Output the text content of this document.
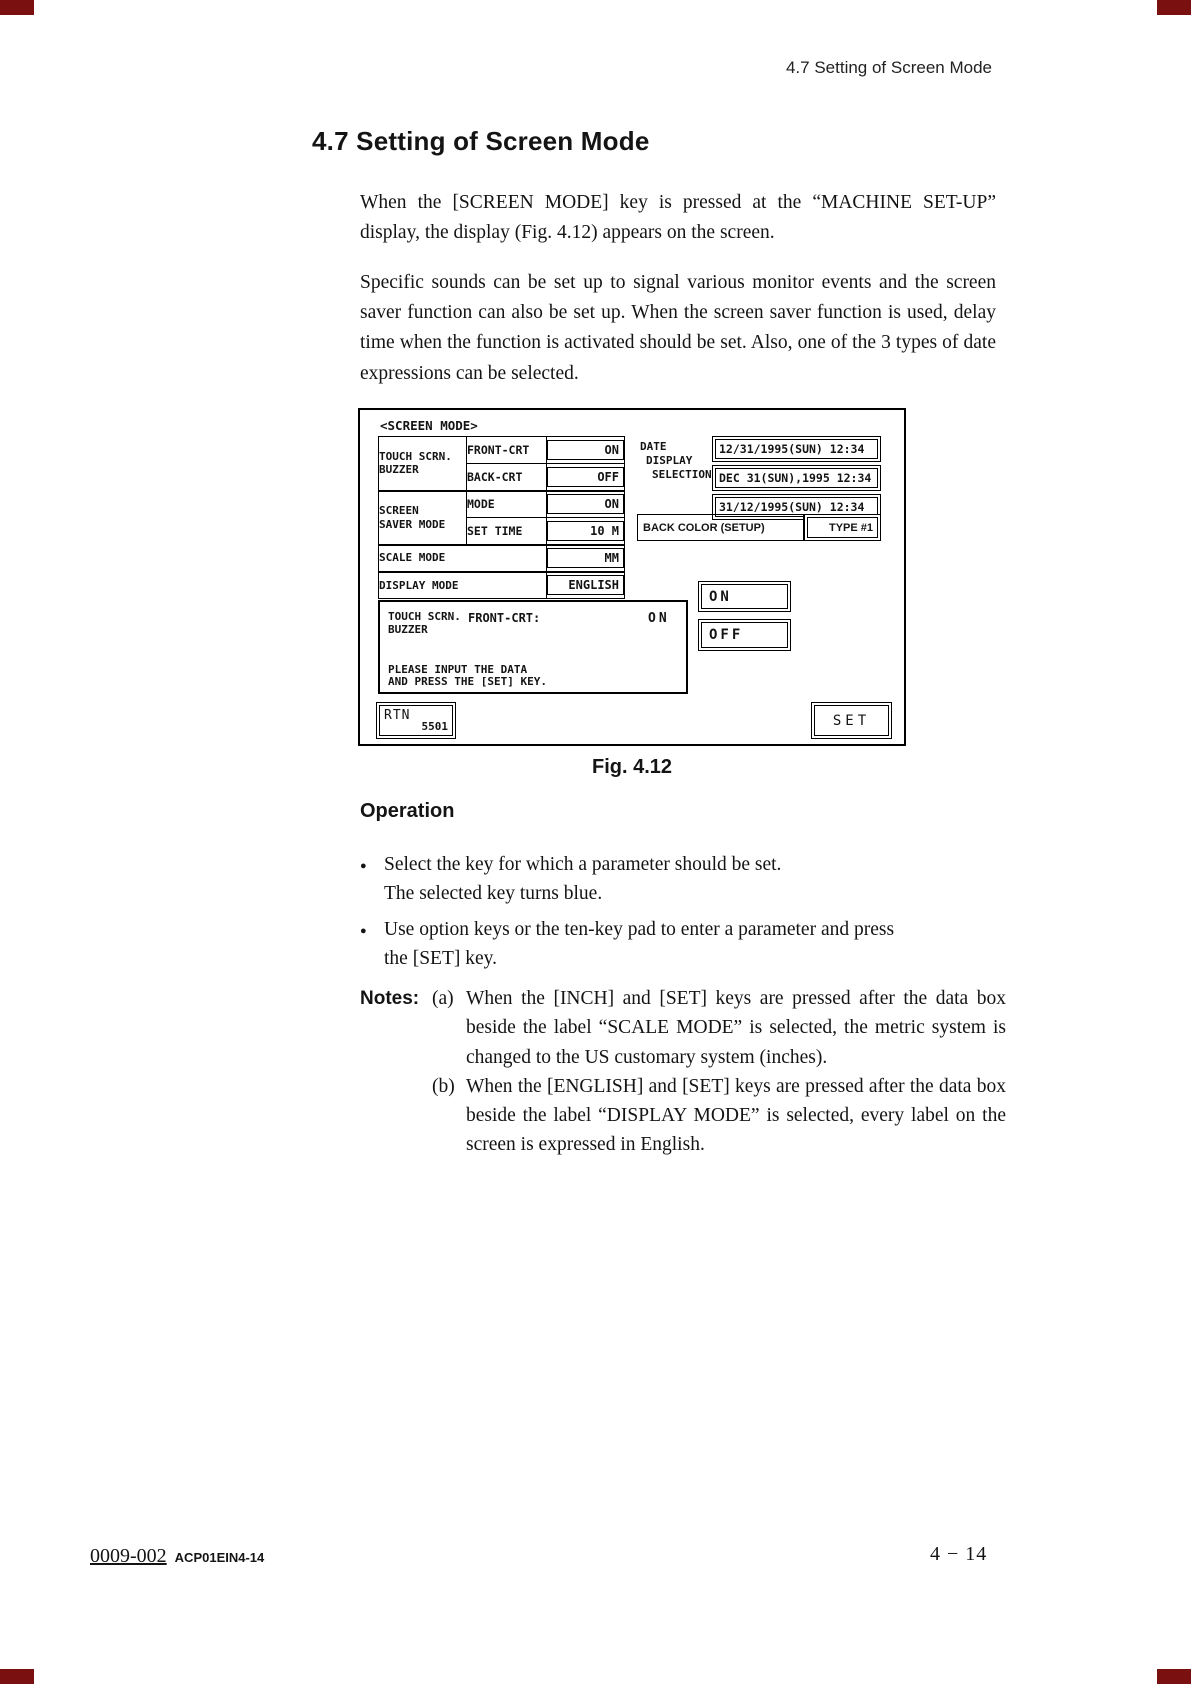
4.7 Setting of Screen Mode
4.7 Setting of Screen Mode

When the [SCREEN MODE] key is pressed at the “MACHINE SET-UP” display, the display (Fig. 4.12) appears on the screen.

Specific sounds can be set up to signal various monitor events and the screen saver function can also be set up. When the screen saver function is used, delay time when the function is activated should be set. Also, one of the 3 types of date expressions can be selected.

<SCREEN MODE>
TOUCH SCRN.
BUZZER	FRONT-CRT	ON

	BACK-CRT	OFF

SCREEN
SAVER MODE	MODE	ON

	SET TIME	10 M

SCALE MODE		MM

DISPLAY MODE		ENGLISH
DATE
DISPLAY
SELECTION
12/31/1995(SUN) 12:34
DEC 31(SUN),1995 12:34
31/12/1995(SUN) 12:34
BACK COLOR (SETUP)	TYPE #1
ON
OFF
TOUCH SCRN.
BUZZER
FRONT-CRT:	ON
PLEASE INPUT THE DATA
AND PRESS THE [SET] KEY.
RTN
5501	SET
Fig. 4.12
Operation
● Select the key for which a parameter should be set.
The selected key turns blue.
● Use option keys or the ten-key pad to enter a parameter and press
the [SET] key.
Notes: (a) When the [INCH] and [SET] keys are pressed after the data box beside the label “SCALE MODE” is selected, the metric system is changed to the US customary system (inches).
(b) When the [ENGLISH] and [SET] keys are pressed after the data box beside the label “DISPLAY MODE” is selected, every label on the screen is expressed in English.
0009-002 ACP01EIN4-14	4 − 14
